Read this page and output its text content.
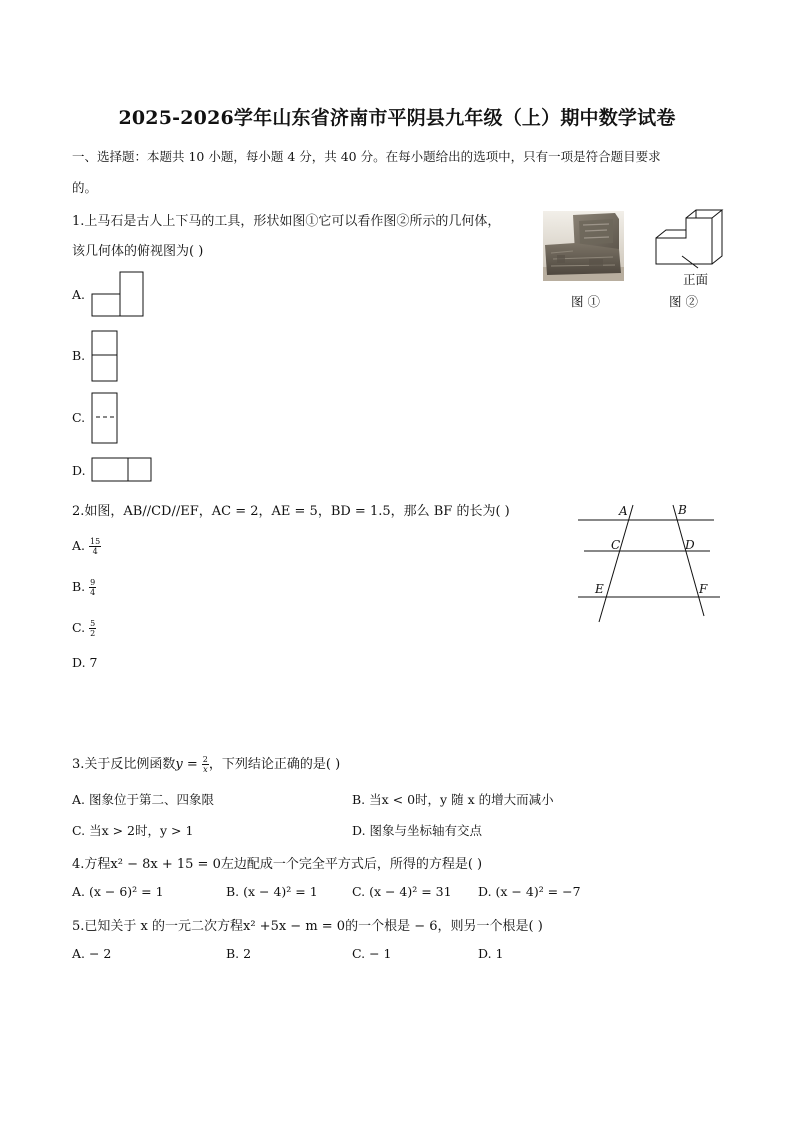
2025-2026学年山东省济南市平阴县九年级（上）期中数学试卷
一、选择题：本题共 10 小题，每小题 4 分，共 40 分。在每小题给出的选项中，只有一项是符合题目要求
的。
1.上马石是古人上下马的工具，形状如图①它可以看作图②所示的几何体，
该几何体的俯视图为( )
图 ①
正面
图 ②
A.
B.
C.
D.
2.如图，AB//CD//EF，AC = 2，AE = 5，BD = 1.5，那么 BF 的长为( )	A	B
C	D
E	F
A. $\frac{15}{4}$
B. $\frac{9}{4}$
C. $\frac{5}{2}$
D. 7
3.关于反比例函数$y = \frac{2}{x}$ ，下列结论正确的是( )
A. 图象位于第二、四象限	B. 当x < 0时，y 随 x 的增大而减小
C. 当x > 2时，y > 1	D. 图象与坐标轴有交点
4.方程x² − 8x + 15 = 0左边配成一个完全平方式后，所得的方程是( )
A. (x − 6)² = 1	B. (x − 4)² = 1	C. (x − 4)² = 31 D. (x − 4)² = −7
5.已知关于 x 的一元二次方程x² +5x − m = 0的一个根是 − 6，则另一个根是( )
A. − 2	B. 2	C. − 1	D. 1
